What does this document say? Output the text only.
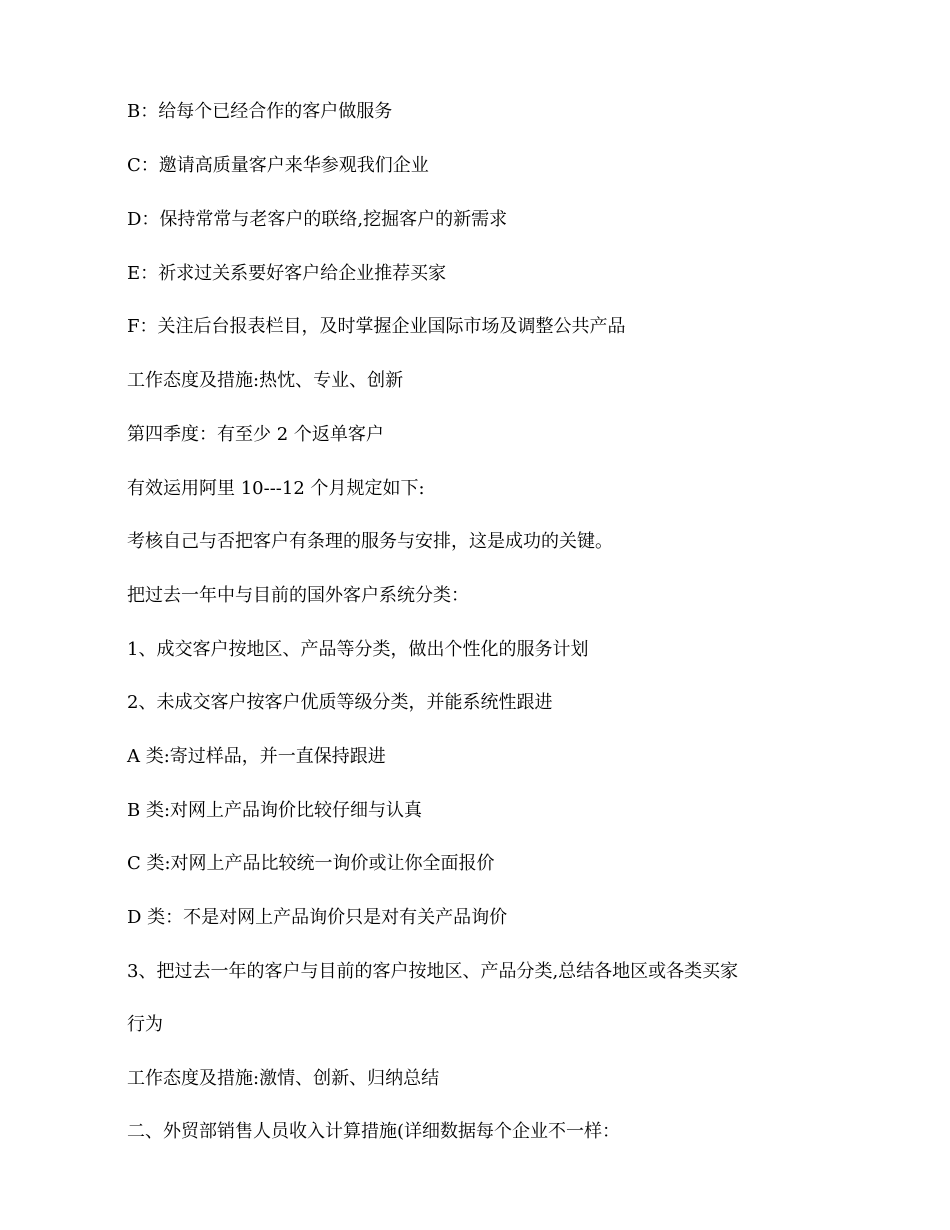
B：给每个已经合作的客户做服务
C：邀请高质量客户来华参观我们企业
D：保持常常与老客户的联络,挖掘客户的新需求
E：祈求过关系要好客户给企业推荐买家
F：关注后台报表栏目，及时掌握企业国际市场及调整公共产品
工作态度及措施:热忱、专业、创新
第四季度：有至少 2 个返单客户
有效运用阿里 10---12 个月规定如下:
考核自己与否把客户有条理的服务与安排，这是成功的关键。
把过去一年中与目前的国外客户系统分类：
1、成交客户按地区、产品等分类，做出个性化的服务计划
2、未成交客户按客户优质等级分类，并能系统性跟进
A 类:寄过样品，并一直保持跟进
B 类:对网上产品询价比较仔细与认真
C 类:对网上产品比较统一询价或让你全面报价
D 类：不是对网上产品询价只是对有关产品询价
3、把过去一年的客户与目前的客户按地区、产品分类,总结各地区或各类买家
行为
工作态度及措施:激情、创新、归纳总结
二、外贸部销售人员收入计算措施(详细数据每个企业不一样：
